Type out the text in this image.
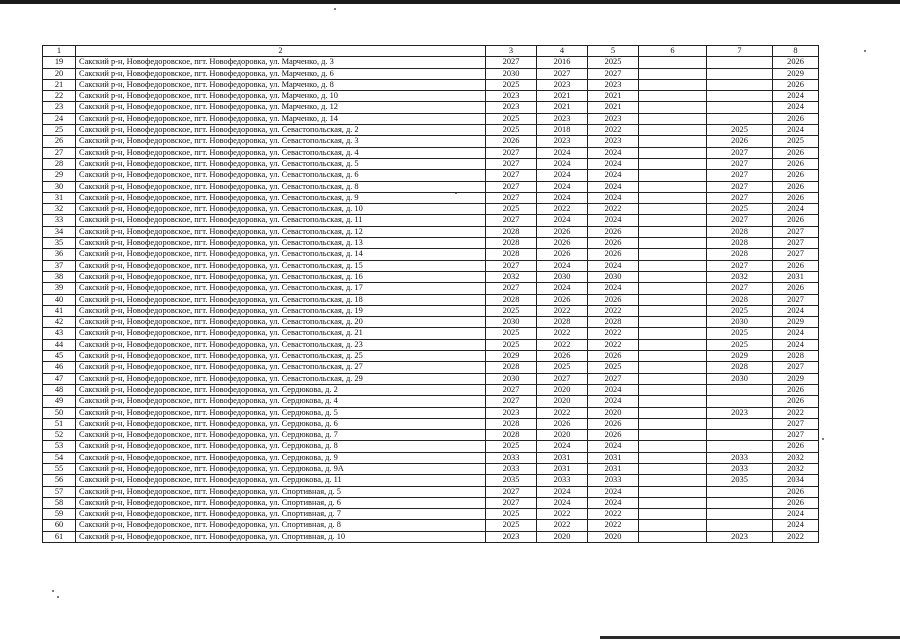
1	2	3	4	5	6	7	8
19	Сакский р-н, Новофедоровское, пгт. Новофедоровка, ул. Марченко, д. 3	2027	2016	2025			2026
20	Сакский р-н, Новофедоровское, пгт. Новофедоровка, ул. Марченко, д. 6	2030	2027	2027			2029
21	Сакский р-н, Новофедоровское, пгт. Новофедоровка, ул. Марченко, д. 8	2025	2023	2023			2026
22	Сакский р-н, Новофедоровское, пгт. Новофедоровка, ул. Марченко, д. 10	2023	2021	2021			2024
23	Сакский р-н, Новофедоровское, пгт. Новофедоровка, ул. Марченко, д. 12	2023	2021	2021			2024
24	Сакский р-н, Новофедоровское, пгт. Новофедоровка, ул. Марченко, д. 14	2025	2023	2023			2026
25	Сакский р-н, Новофедоровское, пгт. Новофедоровка, ул. Севастопольская, д. 2	2025	2018	2022		2025	2024
26	Сакский р-н, Новофедоровское, пгт. Новофедоровка, ул. Севастопольская, д. 3	2026	2023	2023		2026	2025
27	Сакский р-н, Новофедоровское, пгт. Новофедоровка, ул. Севастопольская, д. 4	2027	2024	2024		2027	2026
28	Сакский р-н, Новофедоровское, пгт. Новофедоровка, ул. Севастопольская, д. 5	2027	2024	2024		2027	2026
29	Сакский р-н, Новофедоровское, пгт. Новофедоровка, ул. Севастопольская, д. 6	2027	2024	2024		2027	2026
30	Сакский р-н, Новофедоровское, пгт. Новофедоровка, ул. Севастопольская, д. 8	2027	2024	2024		2027	2026
31	Сакский р-н, Новофедоровское, пгт. Новофедоровка, ул. Севастопольская, д. 9	2027	2024	2024		2027	2026
32	Сакский р-н, Новофедоровское, пгт. Новофедоровка, ул. Севастопольская, д. 10	2025	2022	2022		2025	2024
33	Сакский р-н, Новофедоровское, пгт. Новофедоровка, ул. Севастопольская, д. 11	2027	2024	2024		2027	2026
34	Сакский р-н, Новофедоровское, пгт. Новофедоровка, ул. Севастопольская, д. 12	2028	2026	2026		2028	2027
35	Сакский р-н, Новофедоровское, пгт. Новофедоровка, ул. Севастопольская, д. 13	2028	2026	2026		2028	2027
36	Сакский р-н, Новофедоровское, пгт. Новофедоровка, ул. Севастопольская, д. 14	2028	2026	2026		2028	2027
37	Сакский р-н, Новофедоровское, пгт. Новофедоровка, ул. Севастопольская, д. 15	2027	2024	2024		2027	2026
38	Сакский р-н, Новофедоровское, пгт. Новофедоровка, ул. Севастопольская, д. 16	2032	2030	2030		2032	2031
39	Сакский р-н, Новофедоровское, пгт. Новофедоровка, ул. Севастопольская, д. 17	2027	2024	2024		2027	2026
40	Сакский р-н, Новофедоровское, пгт. Новофедоровка, ул. Севастопольская, д. 18	2028	2026	2026		2028	2027
41	Сакский р-н, Новофедоровское, пгт. Новофедоровка, ул. Севастопольская, д. 19	2025	2022	2022		2025	2024
42	Сакский р-н, Новофедоровское, пгт. Новофедоровка, ул. Севастопольская, д. 20	2030	2028	2028		2030	2029
43	Сакский р-н, Новофедоровское, пгт. Новофедоровка, ул. Севастопольская, д. 21	2025	2022	2022		2025	2024
44	Сакский р-н, Новофедоровское, пгт. Новофедоровка, ул. Севастопольская, д. 23	2025	2022	2022		2025	2024
45	Сакский р-н, Новофедоровское, пгт. Новофедоровка, ул. Севастопольская, д. 25	2029	2026	2026		2029	2028
46	Сакский р-н, Новофедоровское, пгт. Новофедоровка, ул. Севастопольская, д. 27	2028	2025	2025		2028	2027
47	Сакский р-н, Новофедоровское, пгт. Новофедоровка, ул. Севастопольская, д. 29	2030	2027	2027		2030	2029
48	Сакский р-н, Новофедоровское, пгт. Новофедоровка, ул. Сердюкова, д. 2	2027	2020	2024			2026
49	Сакский р-н, Новофедоровское, пгт. Новофедоровка, ул. Сердюкова, д. 4	2027	2020	2024			2026
50	Сакский р-н, Новофедоровское, пгт. Новофедоровка, ул. Сердюкова, д. 5	2023	2022	2020		2023	2022
51	Сакский р-н, Новофедоровское, пгт. Новофедоровка, ул. Сердюкова, д. 6	2028	2026	2026			2027
52	Сакский р-н, Новофедоровское, пгт. Новофедоровка, ул. Сердюкова, д. 7	2028	2020	2026			2027
53	Сакский р-н, Новофедоровское, пгт. Новофедоровка, ул. Сердюкова, д. 8	2025	2024	2024			2026
54	Сакский р-н, Новофедоровское, пгт. Новофедоровка, ул. Сердюкова, д. 9	2033	2031	2031		2033	2032
55	Сакский р-н, Новофедоровское, пгт. Новофедоровка, ул. Сердюкова, д. 9А	2033	2031	2031		2033	2032
56	Сакский р-н, Новофедоровское, пгт. Новофедоровка, ул. Сердюкова, д. 11	2035	2033	2033		2035	2034
57	Сакский р-н, Новофедоровское, пгт. Новофедоровка, ул. Спортивная, д. 5	2027	2024	2024			2026
58	Сакский р-н, Новофедоровское, пгт. Новофедоровка, ул. Спортивная, д. 6	2027	2024	2024			2026
59	Сакский р-н, Новофедоровское, пгт. Новофедоровка, ул. Спортивная, д. 7	2025	2022	2022			2024
60	Сакский р-н, Новофедоровское, пгт. Новофедоровка, ул. Спортивная, д. 8	2025	2022	2022			2024
61	Сакский р-н, Новофедоровское, пгт. Новофедоровка, ул. Спортивная, д. 10	2023	2020	2020		2023	2022
